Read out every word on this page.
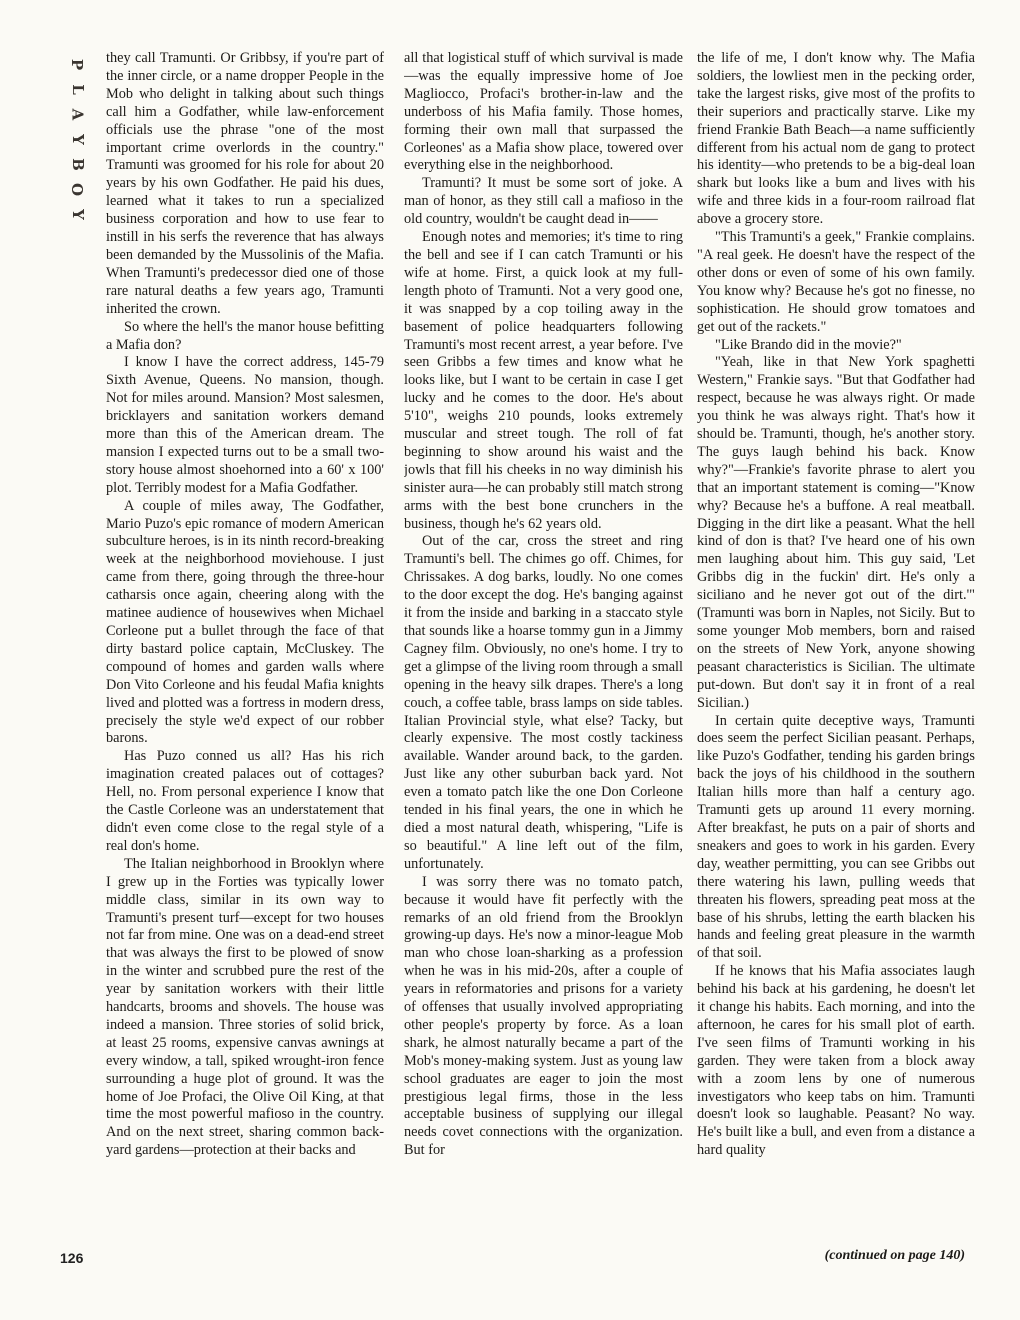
P
L
A
Y
B
O
Y
126

they call Tramunti. Or Gribbsy, if you're part of the inner circle, or a name dropper People in the Mob who delight in talking about such things call him a Godfather, while law-enforcement officials use the phrase "one of the most important crime overlords in the country." Tramunti was groomed for his role for about 20 years by his own Godfather. He paid his dues, learned what it takes to run a specialized business corporation and how to use fear to instill in his serfs the reverence that has always been demanded by the Mussolinis of the Mafia. When Tramunti's predecessor died one of those rare natural deaths a few years ago, Tramunti inherited the crown.

So where the hell's the manor house befitting a Mafia don?

I know I have the correct address, 145-79 Sixth Avenue, Queens. No mansion, though. Not for miles around. Mansion? Most salesmen, bricklayers and sanitation workers demand more than this of the American dream. The mansion I expected turns out to be a small two-story house almost shoehorned into a 60' x 100' plot. Terribly modest for a Mafia Godfather.

A couple of miles away, The Godfather, Mario Puzo's epic romance of modern American subculture heroes, is in its ninth record-breaking week at the neighborhood moviehouse. I just came from there, going through the three-hour catharsis once again, cheering along with the matinee audience of housewives when Michael Corleone put a bullet through the face of that dirty bastard police captain, McCluskey. The compound of homes and garden walls where Don Vito Corleone and his feudal Mafia knights lived and plotted was a fortress in modern dress, precisely the style we'd expect of our robber barons.

Has Puzo conned us all? Has his rich imagination created palaces out of cottages? Hell, no. From personal experience I know that the Castle Corleone was an understatement that didn't even come close to the regal style of a real don's home.

The Italian neighborhood in Brooklyn where I grew up in the Forties was typically lower middle class, similar in its own way to Tramunti's present turf—except for two houses not far from mine. One was on a dead-end street that was always the first to be plowed of snow in the winter and scrubbed pure the rest of the year by sanitation workers with their little handcarts, brooms and shovels. The house was indeed a mansion. Three stories of solid brick, at least 25 rooms, expensive canvas awnings at every window, a tall, spiked wrought-iron fence surrounding a huge plot of ground. It was the home of Joe Profaci, the Olive Oil King, at that time the most powerful mafioso in the country. And on the next street, sharing common back-yard gardens—protection at their backs and

all that logistical stuff of which survival is made—was the equally impressive home of Joe Magliocco, Profaci's brother-in-law and the underboss of his Mafia family. Those homes, forming their own mall that surpassed the Corleones' as a Mafia show place, towered over everything else in the neighborhood.

Tramunti? It must be some sort of joke. A man of honor, as they still call a mafioso in the old country, wouldn't be caught dead in——

Enough notes and memories; it's time to ring the bell and see if I can catch Tramunti or his wife at home. First, a quick look at my full-length photo of Tramunti. Not a very good one, it was snapped by a cop toiling away in the basement of police headquarters following Tramunti's most recent arrest, a year before. I've seen Gribbs a few times and know what he looks like, but I want to be certain in case I get lucky and he comes to the door. He's about 5'10", weighs 210 pounds, looks extremely muscular and street tough. The roll of fat beginning to show around his waist and the jowls that fill his cheeks in no way diminish his sinister aura—he can probably still match strong arms with the best bone crunchers in the business, though he's 62 years old.

Out of the car, cross the street and ring Tramunti's bell. The chimes go off. Chimes, for Chrissakes. A dog barks, loudly. No one comes to the door except the dog. He's banging against it from the inside and barking in a staccato style that sounds like a hoarse tommy gun in a Jimmy Cagney film. Obviously, no one's home. I try to get a glimpse of the living room through a small opening in the heavy silk drapes. There's a long couch, a coffee table, brass lamps on side tables. Italian Provincial style, what else? Tacky, but clearly expensive. The most costly tackiness available. Wander around back, to the garden. Just like any other suburban back yard. Not even a tomato patch like the one Don Corleone tended in his final years, the one in which he died a most natural death, whispering, "Life is so beautiful." A line left out of the film, unfortunately.

I was sorry there was no tomato patch, because it would have fit perfectly with the remarks of an old friend from the Brooklyn growing-up days. He's now a minor-league Mob man who chose loan-sharking as a profession when he was in his mid-20s, after a couple of years in reformatories and prisons for a variety of offenses that usually involved appropriating other people's property by force. As a loan shark, he almost naturally became a part of the Mob's money-making system. Just as young law school graduates are eager to join the most prestigious legal firms, those in the less acceptable business of supplying our illegal needs covet connections with the organization. But for

the life of me, I don't know why. The Mafia soldiers, the lowliest men in the pecking order, take the largest risks, give most of the profits to their superiors and practically starve. Like my friend Frankie Bath Beach—a name sufficiently different from his actual nom de gang to protect his identity—who pretends to be a big-deal loan shark but looks like a bum and lives with his wife and three kids in a four-room railroad flat above a grocery store.

"This Tramunti's a geek," Frankie complains. "A real geek. He doesn't have the respect of the other dons or even of some of his own family. You know why? Because he's got no finesse, no sophistication. He should grow tomatoes and get out of the rackets."

"Like Brando did in the movie?"

"Yeah, like in that New York spaghetti Western," Frankie says. "But that Godfather had respect, because he was always right. Or made you think he was always right. That's how it should be. Tramunti, though, he's another story. The guys laugh behind his back. Know why?"—Frankie's favorite phrase to alert you that an important statement is coming—"Know why? Because he's a buffone. A real meatball. Digging in the dirt like a peasant. What the hell kind of don is that? I've heard one of his own men laughing about him. This guy said, 'Let Gribbs dig in the fuckin' dirt. He's only a siciliano and he never got out of the dirt.'" (Tramunti was born in Naples, not Sicily. But to some younger Mob members, born and raised on the streets of New York, anyone showing peasant characteristics is Sicilian. The ultimate put-down. But don't say it in front of a real Sicilian.)

In certain quite deceptive ways, Tramunti does seem the perfect Sicilian peasant. Perhaps, like Puzo's Godfather, tending his garden brings back the joys of his childhood in the southern Italian hills more than half a century ago. Tramunti gets up around 11 every morning. After breakfast, he puts on a pair of shorts and sneakers and goes to work in his garden. Every day, weather permitting, you can see Gribbs out there watering his lawn, pulling weeds that threaten his flowers, spreading peat moss at the base of his shrubs, letting the earth blacken his hands and feeling great pleasure in the warmth of that soil.

If he knows that his Mafia associates laugh behind his back at his gardening, he doesn't let it change his habits. Each morning, and into the afternoon, he cares for his small plot of earth. I've seen films of Tramunti working in his garden. They were taken from a block away with a zoom lens by one of numerous investigators who keep tabs on him. Tramunti doesn't look so laughable. Peasant? No way. He's built like a bull, and even from a distance a hard quality

(continued on page 140)
